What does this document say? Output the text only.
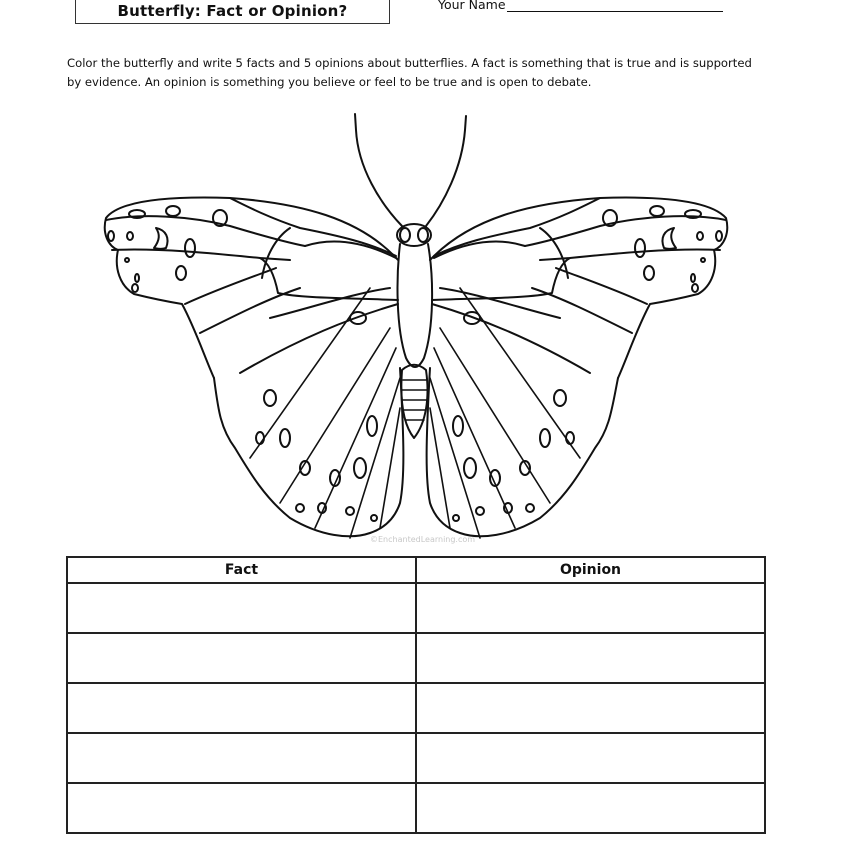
Butterfly: Fact or Opinion?	Your Name
Color the butterfly and write 5 facts and 5 opinions about butterflies. A fact is something that is true and is supported by evidence. An opinion is something you believe or feel to be true and is open to debate.
©EnchantedLearning.com
Fact	Opinion
